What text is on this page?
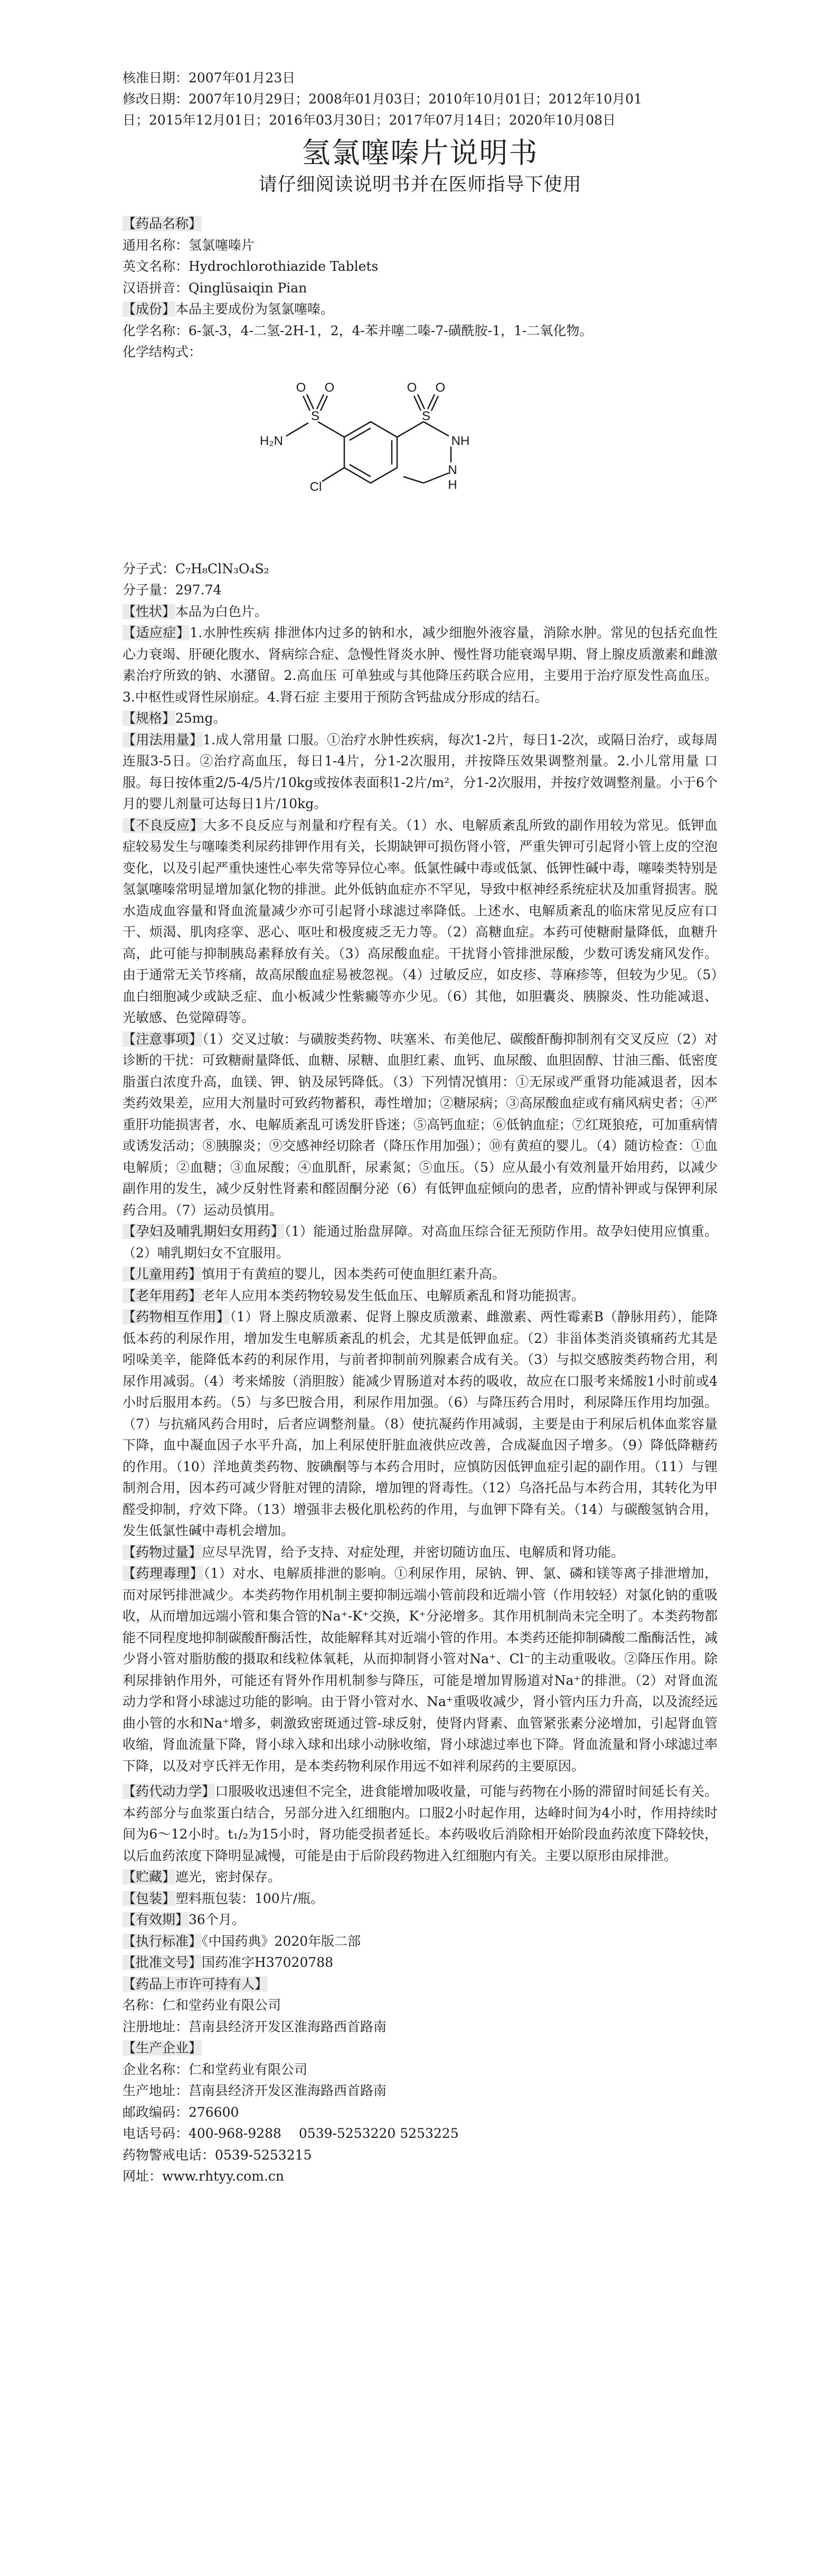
核准日期：2007年01月23日
修改日期：2007年10月29日；2008年01月03日；2010年10月01日；2012年10月01
日；2015年12月01日；2016年03月30日；2017年07月14日；2020年10月08日
氢氯噻嗪片说明书
请仔细阅读说明书并在医师指导下使用

【药品名称】

通用名称：氢氯噻嗪片

英文名称：Hydrochlorothiazide Tablets

汉语拼音：Qinglüsaiqin Pian

【成份】本品主要成份为氢氯噻嗪。

化学名称：6-氯-3，4-二氢-2H-1，2，4-苯并噻二嗪-7-磺酰胺-1，1-二氧化物。

化学结构式：

O O	O O
S	S
NH
H₂N
Cl
N
H

分子式：C₇H₈ClN₃O₄S₂

分子量：297.74

【性状】本品为白色片。

【适应症】1.水肿性疾病 排泄体内过多的钠和水，减少细胞外液容量，消除水肿。常见的包括充血性心力衰竭、肝硬化腹水、肾病综合症、急慢性肾炎水肿、慢性肾功能衰竭早期、肾上腺皮质激素和雌激素治疗所致的钠、水潴留。2.高血压 可单独或与其他降压药联合应用，主要用于治疗原发性高血压。3.中枢性或肾性尿崩症。4.肾石症 主要用于预防含钙盐成分形成的结石。

【规格】25mg。

【用法用量】1.成人常用量 口服。①治疗水肿性疾病，每次1-2片，每日1-2次，或隔日治疗，或每周连服3-5日。②治疗高血压，每日1-4片，分1-2次服用，并按降压效果调整剂量。2.小儿常用量 口服。每日按体重2/5-4/5片/10kg或按体表面积1-2片/m²，分1-2次服用，并按疗效调整剂量。小于6个月的婴儿剂量可达每日1片/10kg。

【不良反应】大多不良反应与剂量和疗程有关。（1）水、电解质紊乱所致的副作用较为常见。低钾血症较易发生与噻嗪类利尿药排钾作用有关，长期缺钾可损伤肾小管，严重失钾可引起肾小管上皮的空泡变化，以及引起严重快速性心率失常等异位心率。低氯性碱中毒或低氯、低钾性碱中毒，噻嗪类特别是氢氯噻嗪常明显增加氯化物的排泄。此外低钠血症亦不罕见，导致中枢神经系统症状及加重肾损害。脱水造成血容量和肾血流量减少亦可引起肾小球滤过率降低。上述水、电解质紊乱的临床常见反应有口干、烦渴、肌肉痉挛、恶心、呕吐和极度疲乏无力等。（2）高糖血症。本药可使糖耐量降低，血糖升高，此可能与抑制胰岛素释放有关。（3）高尿酸血症。干扰肾小管排泄尿酸，少数可诱发痛风发作。由于通常无关节疼痛，故高尿酸血症易被忽视。（4）过敏反应，如皮疹、荨麻疹等，但较为少见。（5）血白细胞减少或缺乏症、血小板减少性紫癜等亦少见。（6）其他，如胆囊炎、胰腺炎、性功能减退、光敏感、色觉障碍等。

【注意事项】（1）交叉过敏：与磺胺类药物、呋塞米、布美他尼、碳酸酐酶抑制剂有交叉反应（2）对诊断的干扰：可致糖耐量降低、血糖、尿糖、血胆红素、血钙、血尿酸、血胆固醇、甘油三酯、低密度脂蛋白浓度升高，血镁、钾、钠及尿钙降低。（3）下列情况慎用：①无尿或严重肾功能减退者，因本类药效果差，应用大剂量时可致药物蓄积，毒性增加；②糖尿病；③高尿酸血症或有痛风病史者；④严重肝功能损害者，水、电解质紊乱可诱发肝昏迷；⑤高钙血症；⑥低钠血症；⑦红斑狼疮，可加重病情或诱发活动；⑧胰腺炎；⑨交感神经切除者（降压作用加强）；⑩有黄疸的婴儿。（4）随访检查：①血电解质；②血糖；③血尿酸；④血肌酐，尿素氮；⑤血压。（5）应从最小有效剂量开始用药，以减少副作用的发生，减少反射性肾素和醛固酮分泌（6）有低钾血症倾向的患者，应酌情补钾或与保钾利尿药合用。（7）运动员慎用。

【孕妇及哺乳期妇女用药】（1）能通过胎盘屏障。对高血压综合征无预防作用。故孕妇使用应慎重。（2）哺乳期妇女不宜服用。

【儿童用药】慎用于有黄疸的婴儿，因本类药可使血胆红素升高。

【老年用药】老年人应用本类药物较易发生低血压、电解质紊乱和肾功能损害。

【药物相互作用】（1）肾上腺皮质激素、促肾上腺皮质激素、雌激素、两性霉素B（静脉用药），能降低本药的利尿作用，增加发生电解质紊乱的机会，尤其是低钾血症。（2）非甾体类消炎镇痛药尤其是吲哚美辛，能降低本药的利尿作用，与前者抑制前列腺素合成有关。（3）与拟交感胺类药物合用，利尿作用减弱。（4）考来烯胺（消胆胺）能减少胃肠道对本药的吸收，故应在口服考来烯胺1小时前或4小时后服用本药。（5）与多巴胺合用，利尿作用加强。（6）与降压药合用时，利尿降压作用均加强。（7）与抗痛风药合用时，后者应调整剂量。（8）使抗凝药作用减弱，主要是由于利尿后机体血浆容量下降，血中凝血因子水平升高，加上利尿使肝脏血液供应改善，合成凝血因子增多。（9）降低降糖药的作用。（10）洋地黄类药物、胺碘酮等与本药合用时，应慎防因低钾血症引起的副作用。（11）与锂制剂合用，因本药可减少肾脏对锂的清除，增加锂的肾毒性。（12）乌洛托品与本药合用，其转化为甲醛受抑制，疗效下降。（13）增强非去极化肌松药的作用，与血钾下降有关。（14）与碳酸氢钠合用，发生低氯性碱中毒机会增加。

【药物过量】应尽早洗胃，给予支持、对症处理，并密切随访血压、电解质和肾功能。

【药理毒理】（1）对水、电解质排泄的影响。①利尿作用，尿钠、钾、氯、磷和镁等离子排泄增加，而对尿钙排泄减少。本类药物作用机制主要抑制远端小管前段和近端小管（作用较轻）对氯化钠的重吸收，从而增加远端小管和集合管的Na⁺-K⁺交换，K⁺分泌增多。其作用机制尚未完全明了。本类药物都能不同程度地抑制碳酸酐酶活性，故能解释其对近端小管的作用。本类药还能抑制磷酸二酯酶活性，减少肾小管对脂肪酸的摄取和线粒体氧耗，从而抑制肾小管对Na⁺、Cl⁻的主动重吸收。②降压作用。除利尿排钠作用外，可能还有肾外作用机制参与降压，可能是增加胃肠道对Na⁺的排泄。（2）对肾血流动力学和肾小球滤过功能的影响。由于肾小管对水、Na⁺重吸收减少，肾小管内压力升高，以及流经远曲小管的水和Na⁺增多，刺激致密斑通过管-球反射，使肾内肾素、血管紧张素分泌增加，引起肾血管收缩，肾血流量下降，肾小球入球和出球小动脉收缩，肾小球滤过率也下降。肾血流量和肾小球滤过率下降，以及对亨氏袢无作用，是本类药物利尿作用远不如袢利尿药的主要原因。

【药代动力学】口服吸收迅速但不完全，进食能增加吸收量，可能与药物在小肠的滞留时间延长有关。本药部分与血浆蛋白结合，另部分进入红细胞内。口服2小时起作用，达峰时间为4小时，作用持续时间为6～12小时。t₁/₂为15小时，肾功能受损者延长。本药吸收后消除相开始阶段血药浓度下降较快，以后血药浓度下降明显减慢，可能是由于后阶段药物进入红细胞内有关。主要以原形由尿排泄。

【贮藏】遮光，密封保存。

【包装】塑料瓶包装：100片/瓶。

【有效期】36个月。

【执行标准】《中国药典》2020年版二部

【批准文号】国药准字H37020788

【药品上市许可持有人】

名称：仁和堂药业有限公司

注册地址：莒南县经济开发区淮海路西首路南

【生产企业】

企业名称：仁和堂药业有限公司

生产地址：莒南县经济开发区淮海路西首路南

邮政编码：276600

电话号码：400-968-9288　 0539-5253220 5253225

药物警戒电话：0539-5253215

网址：www.rhtyy.com.cn
